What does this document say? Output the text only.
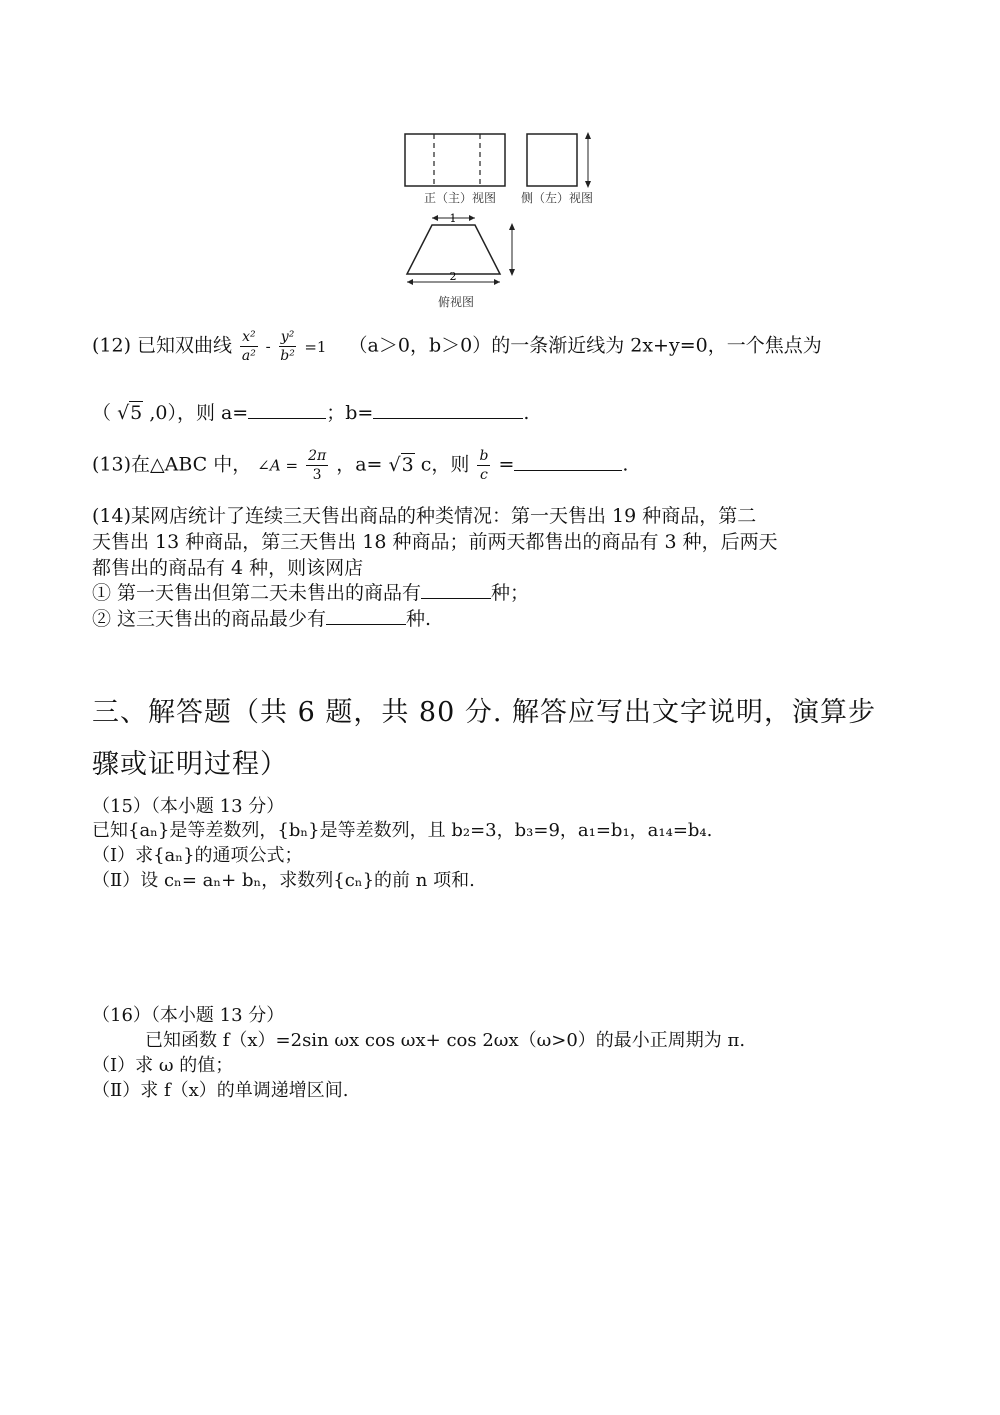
1
2
正（主）视图 侧（左）视图
俯视图
(12) 已知双曲线 $\frac{\text{x²}}{\text{a²}} - \frac{\text{y²}}{\text{b²}} =1$ （a＞0，b＞0）的一条渐近线为 2x+y=0，一个焦点为
（ √5 ,0），则 a=	；b=	.
(13)在△ABC 中， ∠A = $\frac{2\pi}{3}$ ，a= √3 c，则 $\frac{b}{c}$ =	.
(14)某网店统计了连续三天售出商品的种类情况：第一天售出 19 种商品，第二
天售出 13 种商品，第三天售出 18 种商品；前两天都售出的商品有 3 种，后两天
都售出的商品有 4 种，则该网店
① 第一天售出但第二天未售出的商品有	种；
② 这三天售出的商品最少有	种.
三、解答题（共 6 题，共 80 分. 解答应写出文字说明，演算步
骤或证明过程）
（15）（本小题 13 分）
已知{aₙ}是等差数列，{bₙ}是等差数列，且 b₂=3，b₃=9，a₁=b₁，a₁₄=b₄.
（Ⅰ）求{aₙ}的通项公式；
（Ⅱ）设 cₙ= aₙ+ bₙ，求数列{cₙ}的前 n 项和.
（16）（本小题 13 分）
已知函数 f（x）=2sin ωx cos ωx+ cos 2ωx（ω>0）的最小正周期为 π.
（Ⅰ）求 ω 的值；
（Ⅱ）求 f（x）的单调递增区间.
